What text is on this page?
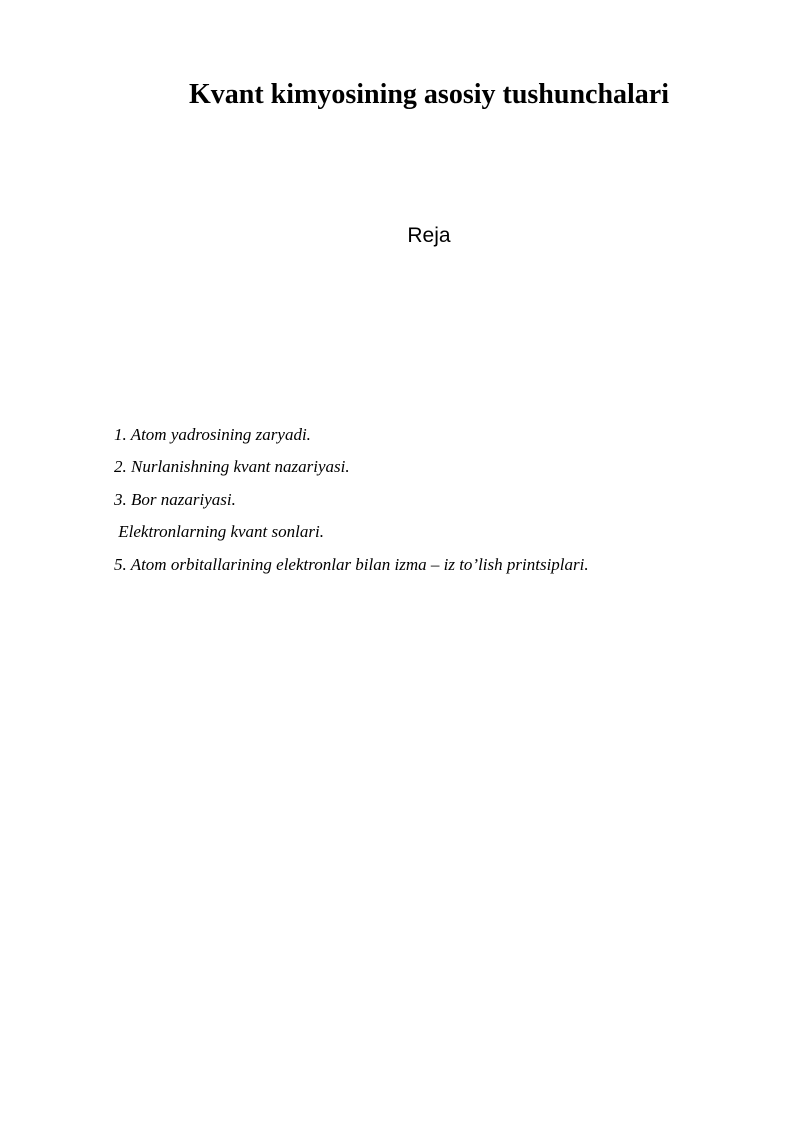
Kvant kimyosining asosiy tushunchalari

Reja

1. Atom yadrosining zaryadi.
2. Nurlanishning kvant nazariyasi.
3. Bor nazariyasi.
Elektronlarning kvant sonlari.
5. Atom orbitallarining elektronlar bilan izma – iz to’lish printsiplari.
